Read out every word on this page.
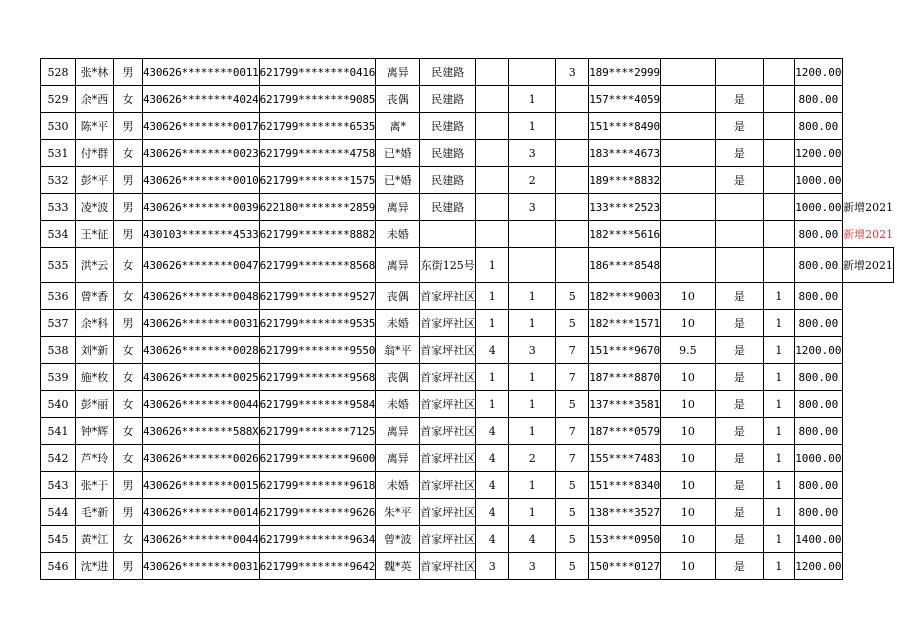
528	张*林	男	430626********0011	621799********0416	离异	民建路			3	189****2999				1200.00	
529	余*西	女	430626********4024	621799********9085	丧偶	民建路		1		157****4059		是		800.00	
530	陈*平	男	430626********0017	621799********6535	离*	民建路		1		151****8490		是		800.00	
531	付*群	女	430626********0023	621799********4758	已*婚	民建路		3		183****4673		是		1200.00	
532	彭*平	男	430626********0010	621799********1575	已*婚	民建路		2		189****8832		是		1000.00	
533	凌*波	男	430626********0039	622180********2859	离异	民建路		3		133****2523				1000.00	新增2021
534	王*征	男	430103********4533	621799********8882	未婚					182****5616				800.00	新增2021
535	洪*云	女	430626********0047	621799********8568	离异	东街125号	1			186****8548				800.00	新增2021
536	曾*香	女	430626********0048	621799********9527	丧偶	首家坪社区	1	1	5	182****9003	10	是	1	800.00	
537	余*科	男	430626********0031	621799********9535	未婚	首家坪社区	1	1	5	182****1571	10	是	1	800.00	
538	刘*新	女	430626********0028	621799********9550	翁*平	首家坪社区	4	3	7	151****9670	9.5	是	1	1200.00	
539	施*枚	女	430626********0025	621799********9568	丧偶	首家坪社区	1	1	7	187****8870	10	是	1	800.00	
540	彭*丽	女	430626********0044	621799********9584	未婚	首家坪社区	1	1	5	137****3581	10	是	1	800.00	
541	钟*辉	女	430626********588X	621799********7125	离异	首家坪社区	4	1	7	187****0579	10	是	1	800.00	
542	芦*玲	女	430626********0026	621799********9600	离异	首家坪社区	4	2	7	155****7483	10	是	1	1000.00	
543	张*于	男	430626********0015	621799********9618	未婚	首家坪社区	4	1	5	151****8340	10	是	1	800.00	
544	毛*新	男	430626********0014	621799********9626	朱*平	首家坪社区	4	1	5	138****3527	10	是	1	800.00	
545	黄*江	女	430626********0044	621799********9634	曾*波	首家坪社区	4	4	5	153****0950	10	是	1	1400.00	
546	沈*进	男	430626********0031	621799********9642	魏*英	首家坪社区	3	3	5	150****0127	10	是	1	1200.00	
